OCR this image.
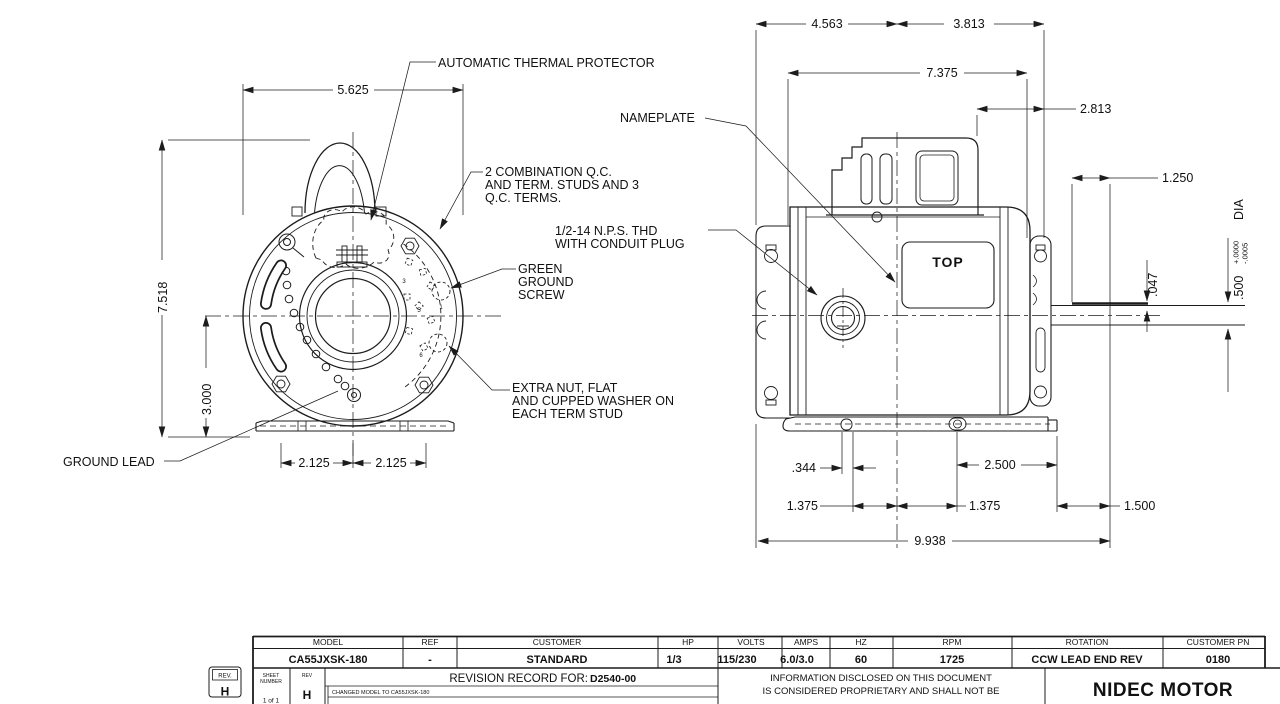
3
5	1
6
5.625
7.518
3.000
2.125	2.125
AUTOMATIC THERMAL PROTECTOR
2 COMBINATION Q.C.
AND TERM. STUDS AND 3
Q.C. TERMS.
GREEN
GROUND
SCREW
EXTRA NUT, FLAT
AND CUPPED WASHER ON
EACH TERM STUD
GROUND LEAD
TOP
4.563	3.813
7.375
2.813
1.250
.047	.500
+.0000 -.0005
DIA
.344
1.375	1.375
2.500
1.500
9.938
NAMEPLATE
1/2-14 N.P.S. THD
WITH CONDUIT PLUG
MODEL	REF	CUSTOMER	HP	VOLTS	AMPS	HZ	RPM	ROTATION	CUSTOMER PN
CA55JXSK-180	-	STANDARD	1/3	115/230 6.0/3.0	60	1725	CCW LEAD END REV	0180
SHEET
NUMBER
1 of 1
REV
H
REVISION RECORD FOR: D2540-00
CHANGED MODEL TO CA55JXSK-180
INFORMATION DISCLOSED ON THIS DOCUMENT
IS CONSIDERED PROPRIETARY AND SHALL NOT BE	NIDEC MOTOR
REV.
H
